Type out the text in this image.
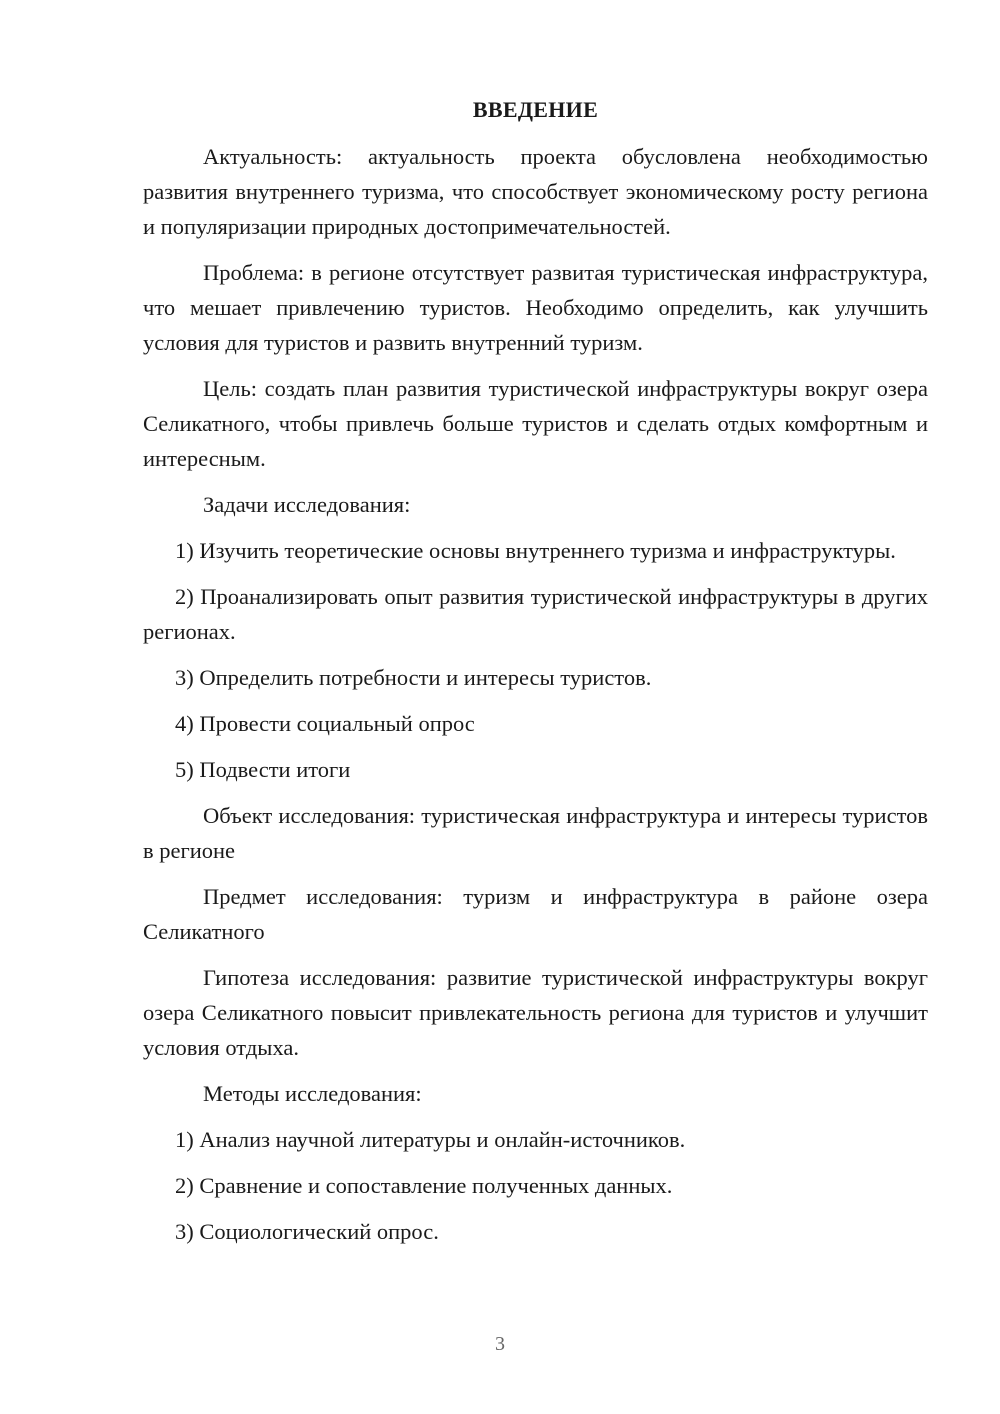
ВВЕДЕНИЕ

Актуальность: актуальность проекта обусловлена необходимостью развития внутреннего туризма, что способствует экономическому росту региона и популяризации природных достопримечательностей.

Проблема: в регионе отсутствует развитая туристическая инфраструктура, что мешает привлечению туристов. Необходимо определить, как улучшить условия для туристов и развить внутренний туризм.

Цель: создать план развития туристической инфраструктуры вокруг озера Селикатного, чтобы привлечь больше туристов и сделать отдых комфортным и интересным.

Задачи исследования:

1) Изучить теоретические основы внутреннего туризма и инфраструктуры.

2) Проанализировать опыт развития туристической инфраструктуры в других регионах.

3) Определить потребности и интересы туристов.

4) Провести социальный опрос

5) Подвести итоги

Объект исследования: туристическая инфраструктура и интересы туристов в регионе

Предмет исследования: туризм и инфраструктура в районе озера Селикатного

Гипотеза исследования: развитие туристической инфраструктуры вокруг озера Селикатного повысит привлекательность региона для туристов и улучшит условия отдыха.

Методы исследования:

1) Анализ научной литературы и онлайн-источников.

2) Сравнение и сопоставление полученных данных.

3) Социологический опрос.

3
